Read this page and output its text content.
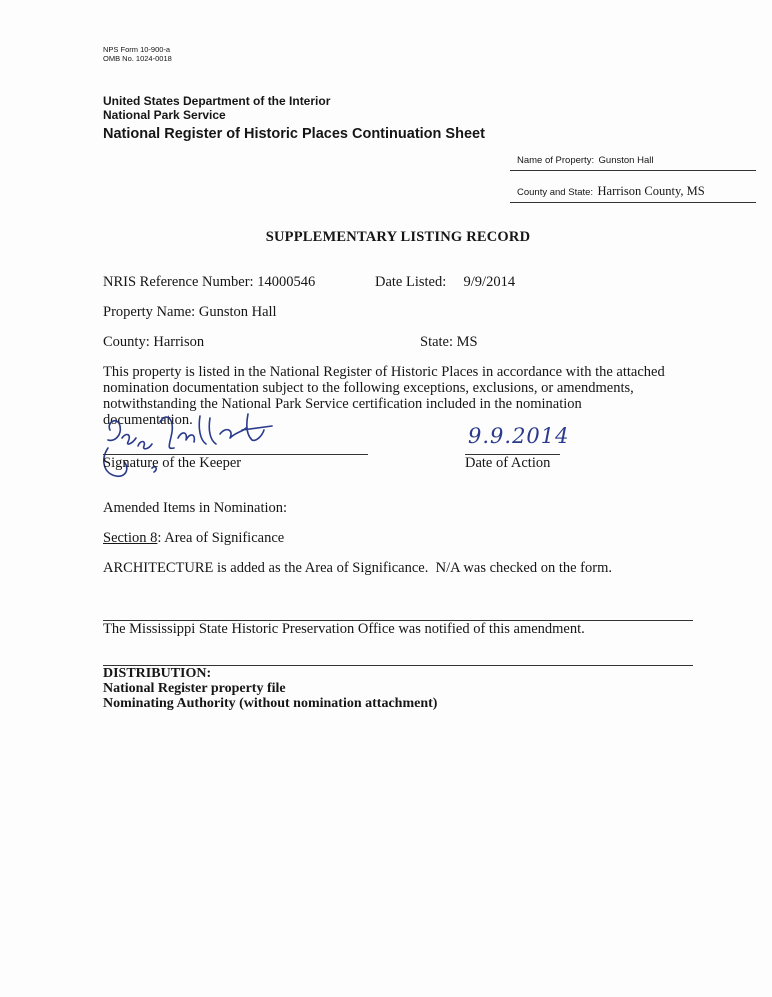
NPS Form 10-900-a
OMB No. 1024-0018
United States Department of the Interior
National Park Service
National Register of Historic Places Continuation Sheet
Name of Property: Gunston Hall
County and State: Harrison County, MS
SUPPLEMENTARY LISTING RECORD
NRIS Reference Number: 14000546	Date Listed: 9/9/2014
Property Name: Gunston Hall
County: Harrison	State: MS
This property is listed in the National Register of Historic Places in accordance with the attached
nomination documentation subject to the following exceptions, exclusions, or amendments,
notwithstanding the National Park Service certification included in the nomination
documentation.
Signature of the Keeper
9.9.2014
Date of Action
Amended Items in Nomination:
Section 8: Area of Significance
ARCHITECTURE is added as the Area of Significance.  N/A was checked on the form.
The Mississippi State Historic Preservation Office was notified of this amendment.
DISTRIBUTION:
National Register property file
Nominating Authority (without nomination attachment)
